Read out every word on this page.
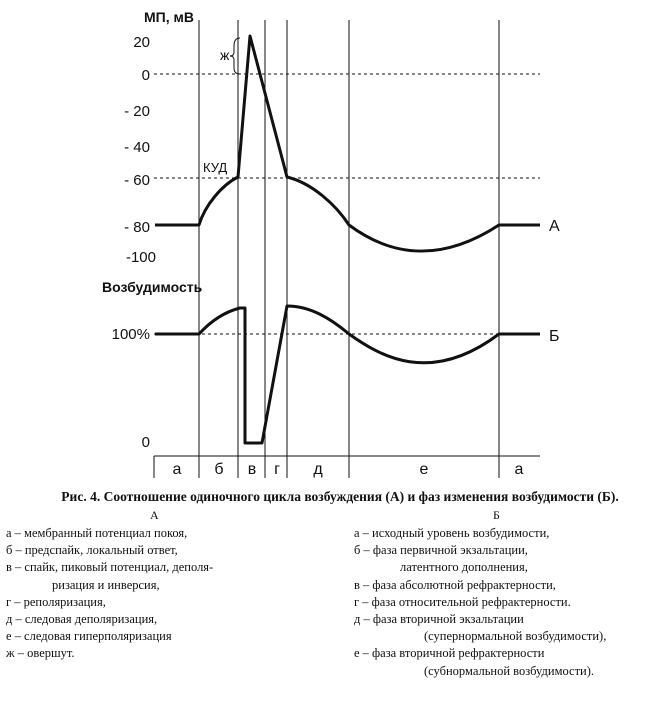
МП, мВ
20
0
- 20
- 40
- 60
- 80
-100
КУД
ж
А
Возбудимость
100%
0
Б
а б в г д	е	а
Рис. 4. Соотношение одиночного цикла возбуждения (А) и фаз изменения возбудимости (Б).
А	Б
а – мембранный потенциал покоя,
б – предспайк, локальный ответ,
в – спайк, пиковый потенциал, деполя-
ризация и инверсия,
г – реполяризация,
д – следовая деполяризация,
е – следовая гиперполяризация
ж – овершут.
а – исходный уровень возбудимости,
б – фаза первичной экзальтации,
латентного дополнения,
в – фаза абсолютной рефрактерности,
г – фаза относительной рефрактерности.
д – фаза вторичной экзальтации
(супернормальной возбудимости),
е – фаза вторичной рефрактерности
(субнормальной возбудимости).
